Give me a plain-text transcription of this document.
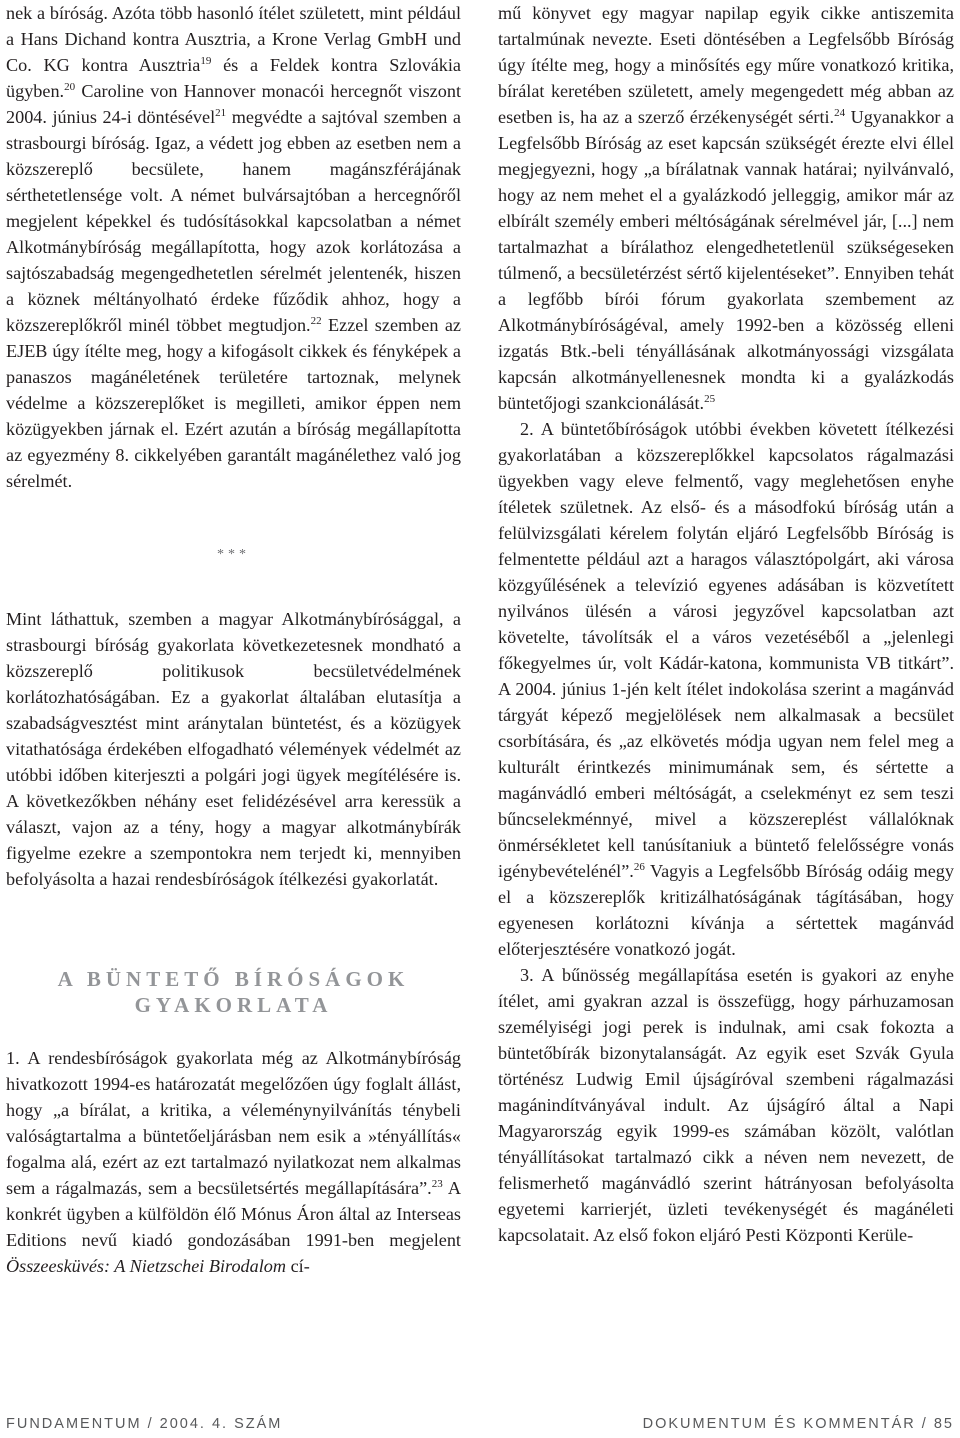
nek a bíróság. Azóta több hasonló ítélet született, mint például a Hans Dichand kontra Ausztria, a Krone Verlag GmbH und Co. KG kontra Ausztria$^{19}$ és a Feldek kontra Szlovákia ügyben.$^{20}$ Caroline von Hannover monacói hercegnőt viszont 2004. június 24-i döntésével$^{21}$ megvédte a sajtóval szemben a strasbourgi bíróság. Igaz, a védett jog ebben az esetben nem a közszereplő becsülete, hanem magánszférájának sérthetetlensége volt. A német bulvársajtóban a hercegnőről megjelent képekkel és tudósításokkal kapcsolatban a német Alkotmánybíróság megállapította, hogy azok korlátozása a sajtószabadság megengedhetetlen sérelmét jelentenék, hiszen a köznek méltányolható érdeke fűződik ahhoz, hogy a közszereplőkről minél többet megtudjon.$^{22}$ Ezzel szemben az EJEB úgy ítélte meg, hogy a kifogásolt cikkek és fényképek a panaszos magánéletének területére tartoznak, melynek védelme a közszereplőket is megilleti, amikor éppen nem közügyekben járnak el. Ezért azután a bíróság megállapította az egyezmény 8. cikkelyében garantált magánélethez való jog sérelmét.

***

Mint láthattuk, szemben a magyar Alkotmánybírósággal, a strasbourgi bíróság gyakorlata következetesnek mondható a közszereplő politikusok becsületvédelmének korlátozhatóságában. Ez a gyakorlat általában elutasítja a szabadságvesztést mint aránytalan büntetést, és a közügyek vitathatósága érdekében elfogadható vélemények védelmét az utóbbi időben kiterjeszti a polgári jogi ügyek megítélésére is. A következőkben néhány eset felidézésével arra keressük a választ, vajon az a tény, hogy a magyar alkotmánybírák figyelme ezekre a szempontokra nem terjedt ki, mennyiben befolyásolta a hazai rendesbíróságok ítélkezési gyakorlatát.

A BÜNTETŐ BÍRÓSÁGOK
GYAKORLATA

1. A rendesbíróságok gyakorlata még az Alkotmánybíróság hivatkozott 1994-es határozatát megelőzően úgy foglalt állást, hogy „a bírálat, a kritika, a véleménynyilvánítás ténybeli valóságtartalma a büntetőeljárásban nem esik a »tényállítás« fogalma alá, ezért az ezt tartalmazó nyilatkozat nem alkalmas sem a rágalmazás, sem a becsületsértés megállapítására”.$^{23}$ A konkrét ügyben a külföldön élő Mónus Áron által az Interseas Editions nevű kiadó gondozásában 1991-ben megjelent Összeesküvés: A Nietzschei Birodalom cí-

mű könyvet egy magyar napilap egyik cikke antiszemita tartalmúnak nevezte. Eseti döntésében a Legfelsőbb Bíróság úgy ítélte meg, hogy a minősítés egy műre vonatkozó kritika, bírálat keretében született, amely megengedett még abban az esetben is, ha az a szerző érzékenységét sérti.$^{24}$ Ugyanakkor a Legfelsőbb Bíróság az eset kapcsán szükségét érezte elvi éllel megjegyezni, hogy „a bírálatnak vannak határai; nyilvánvaló, hogy az nem mehet el a gyalázkodó jelleggig, amikor már az elbírált személy emberi méltóságának sérelmével jár, [...] nem tartalmazhat a bírálathoz elengedhetetlenül szükségeseken túlmenő, a becsületérzést sértő kijelentéseket”. Ennyiben tehát a legfőbb bírói fórum gyakorlata szembement az Alkotmánybíróságéval, amely 1992-ben a közösség elleni izgatás Btk.-beli tényállásának alkotmányossági vizsgálata kapcsán alkotmányellenesnek mondta ki a gyalázkodás büntetőjogi szankcionálását.$^{25}$

2. A büntetőbíróságok utóbbi években követett ítélkezési gyakorlatában a közszereplőkkel kapcsolatos rágalmazási ügyekben vagy eleve felmentő, vagy meglehetősen enyhe ítéletek születnek. Az első- és a másodfokú bíróság után a felülvizsgálati kérelem folytán eljáró Legfelsőbb Bíróság is felmentette például azt a haragos választópolgárt, aki városa közgyűlésének a televízió egyenes adásában is közvetített nyilvános ülésén a városi jegyzővel kapcsolatban azt követelte, távolítsák el a város vezetéséből a „jelenlegi főkegyelmes úr, volt Kádár-katona, kommunista VB titkárt”. A 2004. június 1-jén kelt ítélet indokolása szerint a magánvád tárgyát képező megjelölések nem alkalmasak a becsület csorbítására, és „az elkövetés módja ugyan nem felel meg a kulturált érintkezés minimumának sem, és sértette a magánvádló emberi méltóságát, a cselekményt ez sem teszi bűncselekménnyé, mivel a közszereplést vállalóknak önmérsékletet kell tanúsítaniuk a büntető felelősségre vonás igénybevételénél”.$^{26}$ Vagyis a Legfelsőbb Bíróság odáig megy el a közszereplők kritizálhatóságának tágításában, hogy egyenesen korlátozni kívánja a sértettek magánvád előterjesztésére vonatkozó jogát.

3. A bűnösség megállapítása esetén is gyakori az enyhe ítélet, ami gyakran azzal is összefügg, hogy párhuzamosan személyiségi jogi perek is indulnak, ami csak fokozta a büntetőbírák bizonytalanságát. Az egyik eset Szvák Gyula történész Ludwig Emil újságíróval szembeni rágalmazási magánindítványával indult. Az újságíró által a Napi Magyarország egyik 1999-es számában közölt, valótlan tényállításokat tartalmazó cikk a néven nem nevezett, de felismerhető magánvádló szerint hátrányosan befolyásolta egyetemi karrierjét, üzleti tevékenységét és magánéleti kapcsolatait. Az első fokon eljáró Pesti Központi Kerüle-

FUNDAMENTUM / 2004. 4. SZÁM	DOKUMENTUM ÉS KOMMENTÁR / 85
